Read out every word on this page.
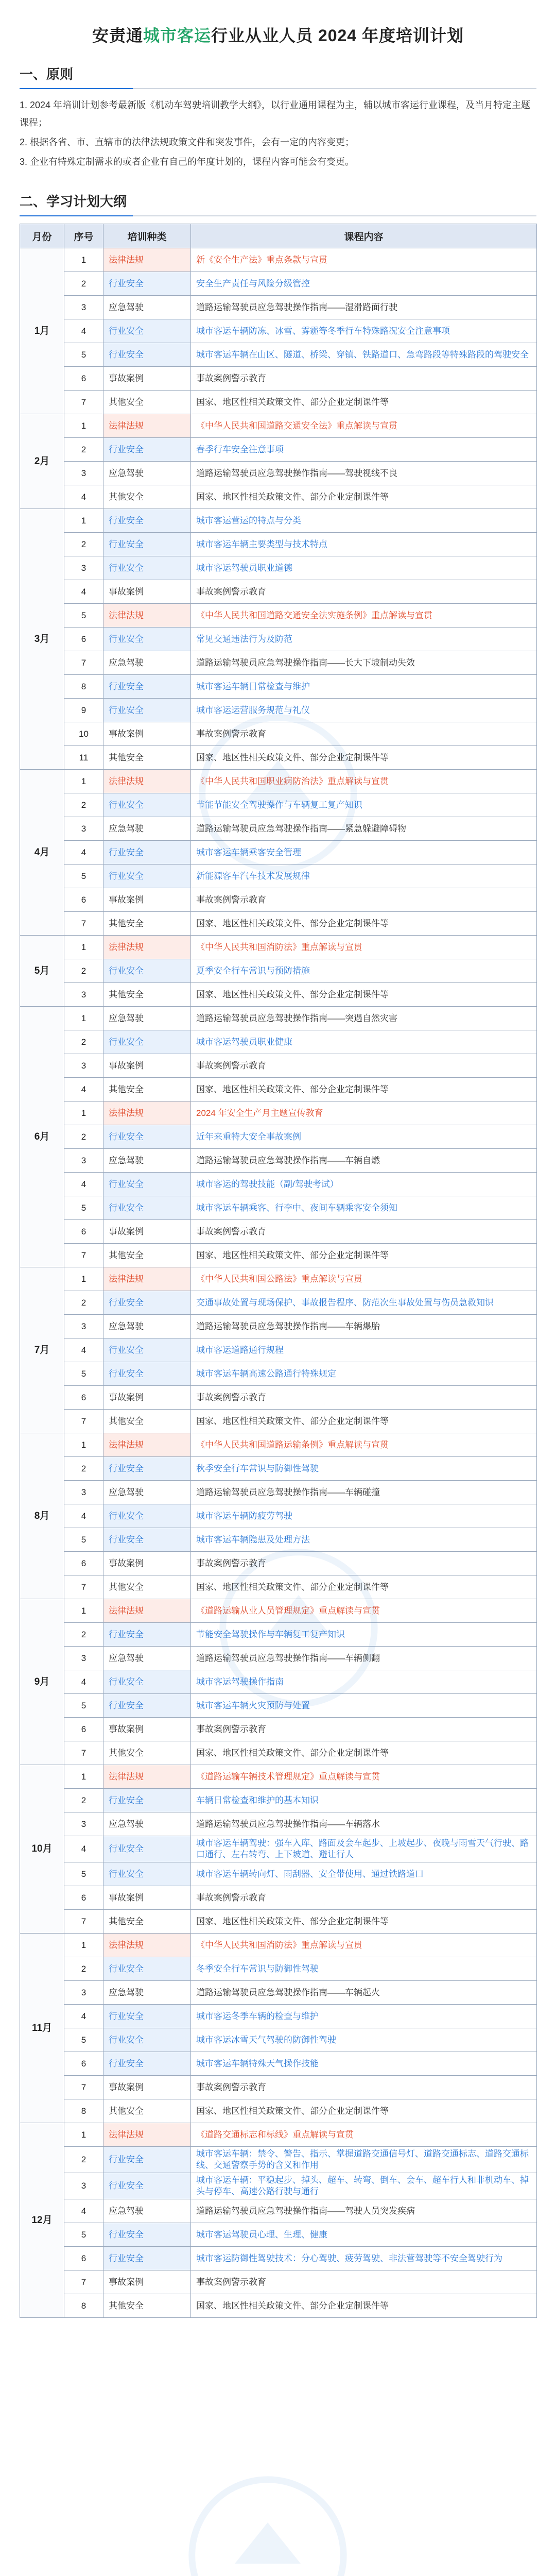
安责通城市客运行业从业人员 2024 年度培训计划
一、原则

1. 2024 年培训计划参考最新版《机动车驾驶培训教学大纲》，以行业通用课程为主，辅以城市客运行业课程，及当月特定主题课程；

2. 根据各省、市、直辖市的法律法规政策文件和突发事件，会有一定的内容变更；

3. 企业有特殊定制需求的或者企业有自己的年度计划的，课程内容可能会有变更。

二、学习计划大纲
月份	序号	培训种类	课程内容
1月	1	法律法规	新《安全生产法》重点条款与宣贯
	2	行业安全	安全生产责任与风险分级管控
	3	应急驾驶	道路运输驾驶员应急驾驶操作指南——湿滑路面行驶
	4	行业安全	城市客运车辆防冻、冰雪、雾霾等冬季行车特殊路况安全注意事项
	5	行业安全	城市客运车辆在山区、隧道、桥梁、穿镇、铁路道口、急弯路段等特殊路段的驾驶安全
	6	事故案例	事故案例警示教育
	7	其他安全	国家、地区性相关政策文件、部分企业定制课件等
2月	1	法律法规	《中华人民共和国道路交通安全法》重点解读与宣贯
	2	行业安全	春季行车安全注意事项
	3	应急驾驶	道路运输驾驶员应急驾驶操作指南——驾驶视线不良
	4	其他安全	国家、地区性相关政策文件、部分企业定制课件等
3月	1	行业安全	城市客运营运的特点与分类
	2	行业安全	城市客运车辆主要类型与技术特点
	3	行业安全	城市客运驾驶员职业道德
	4	事故案例	事故案例警示教育
	5	法律法规	《中华人民共和国道路交通安全法实施条例》重点解读与宣贯
	6	行业安全	常见交通违法行为及防范
	7	应急驾驶	道路运输驾驶员应急驾驶操作指南——长大下坡制动失效
	8	行业安全	城市客运车辆日常检查与维护
	9	行业安全	城市客运运营服务规范与礼仪
	10	事故案例	事故案例警示教育
	11	其他安全	国家、地区性相关政策文件、部分企业定制课件等
4月	1	法律法规	《中华人民共和国职业病防治法》重点解读与宣贯
	2	行业安全	节能节能安全驾驶操作与车辆复工复产知识
	3	应急驾驶	道路运输驾驶员应急驾驶操作指南——紧急躲避障碍物
	4	行业安全	城市客运车辆乘客安全管理
	5	行业安全	新能源客车汽车技术发展规律
	6	事故案例	事故案例警示教育
	7	其他安全	国家、地区性相关政策文件、部分企业定制课件等
5月	1	法律法规	《中华人民共和国消防法》重点解读与宣贯
	2	行业安全	夏季安全行车常识与预防措施
	3	其他安全	国家、地区性相关政策文件、部分企业定制课件等
6月	1	应急驾驶	道路运输驾驶员应急驾驶操作指南——突遇自然灾害
	2	行业安全	城市客运驾驶员职业健康
	3	事故案例	事故案例警示教育
	4	其他安全	国家、地区性相关政策文件、部分企业定制课件等
	1	法律法规	2024 年安全生产月主题宣传教育
	2	行业安全	近年来重特大安全事故案例
	3	应急驾驶	道路运输驾驶员应急驾驶操作指南——车辆自燃
	4	行业安全	城市客运的驾驶技能（副/驾驶考试）
	5	行业安全	城市客运车辆乘客、行李中、夜间车辆乘客安全须知
	6	事故案例	事故案例警示教育
	7	其他安全	国家、地区性相关政策文件、部分企业定制课件等
7月	1	法律法规	《中华人民共和国公路法》重点解读与宣贯
	2	行业安全	交通事故处置与现场保护、事故报告程序、防范次生事故处置与伤员急救知识
	3	应急驾驶	道路运输驾驶员应急驾驶操作指南——车辆爆胎
	4	行业安全	城市客运道路通行规程
	5	行业安全	城市客运车辆高速公路通行特殊规定
	6	事故案例	事故案例警示教育
	7	其他安全	国家、地区性相关政策文件、部分企业定制课件等
8月	1	法律法规	《中华人民共和国道路运输条例》重点解读与宣贯
	2	行业安全	秋季安全行车常识与防御性驾驶
	3	应急驾驶	道路运输驾驶员应急驾驶操作指南——车辆碰撞
	4	行业安全	城市客运车辆防疲劳驾驶
	5	行业安全	城市客运车辆隐患及处理方法
	6	事故案例	事故案例警示教育
	7	其他安全	国家、地区性相关政策文件、部分企业定制课件等
9月	1	法律法规	《道路运输从业人员管理规定》重点解读与宣贯
	2	行业安全	节能安全驾驶操作与车辆复工复产知识
	3	应急驾驶	道路运输驾驶员应急驾驶操作指南——车辆侧翻
	4	行业安全	城市客运驾驶操作指南
	5	行业安全	城市客运车辆火灾预防与处置
	6	事故案例	事故案例警示教育
	7	其他安全	国家、地区性相关政策文件、部分企业定制课件等
10月	1	法律法规	《道路运输车辆技术管理规定》重点解读与宣贯
	2	行业安全	车辆日常检查和维护的基本知识
	3	应急驾驶	道路运输驾驶员应急驾驶操作指南——车辆落水
	4	行业安全	城市客运车辆驾驶：强车入库、路面及会车起步、上坡起步、夜晚与雨雪天气行驶、路口通行、左右转弯、上下坡道、避让行人
	5	行业安全	城市客运车辆转向灯、雨刮器、安全带使用、通过铁路道口
	6	事故案例	事故案例警示教育
	7	其他安全	国家、地区性相关政策文件、部分企业定制课件等
11月	1	法律法规	《中华人民共和国消防法》重点解读与宣贯
	2	行业安全	冬季安全行车常识与防御性驾驶
	3	应急驾驶	道路运输驾驶员应急驾驶操作指南——车辆起火
	4	行业安全	城市客运冬季车辆的检查与维护
	5	行业安全	城市客运冰雪天气驾驶的防御性驾驶
	6	行业安全	城市客运车辆特殊天气操作技能
	7	事故案例	事故案例警示教育
	8	其他安全	国家、地区性相关政策文件、部分企业定制课件等
12月	1	法律法规	《道路交通标志和标线》重点解读与宣贯
	2	行业安全	城市客运车辆：禁令、警告、指示、掌握道路交通信号灯、道路交通标志、道路交通标线、交通警察手势的含义和作用
	3	行业安全	城市客运车辆：平稳起步、掉头、超车、转弯、倒车、会车、超车行人和非机动车、掉头与停车、高速公路行驶与通行
	4	应急驾驶	道路运输驾驶员应急驾驶操作指南——驾驶人员突发疾病
	5	行业安全	城市客运驾驶员心理、生理、健康
	6	行业安全	城市客运防御性驾驶技术：分心驾驶、疲劳驾驶、非法营驾驶等不安全驾驶行为
	7	事故案例	事故案例警示教育
	8	其他安全	国家、地区性相关政策文件、部分企业定制课件等
